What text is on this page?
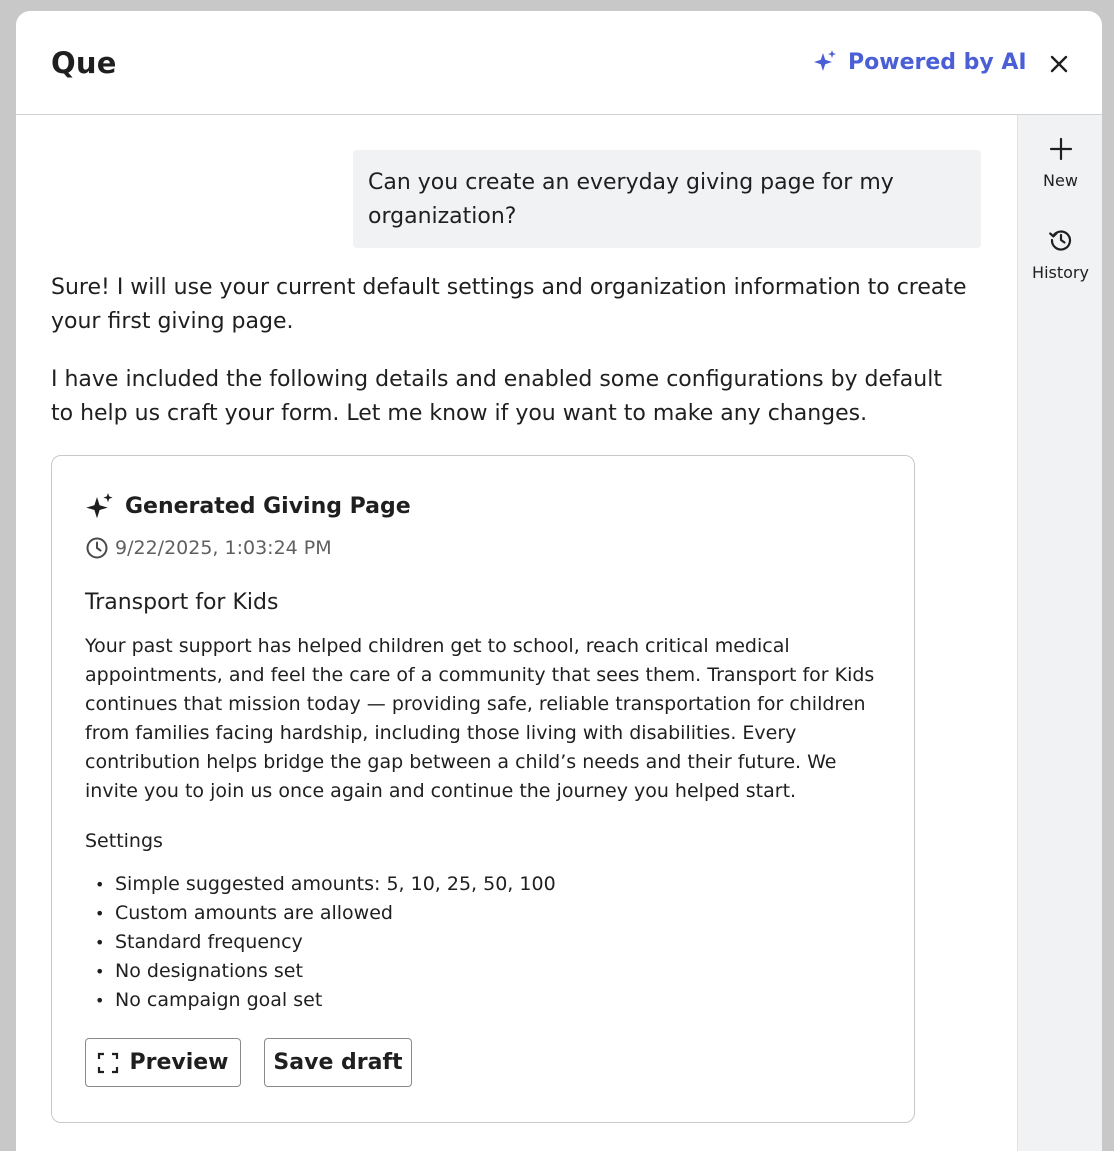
Que	Powered by AI
New
History
Can you create an everyday giving page for my organization?

Sure! I will use your current default settings and organization information to create your first giving page.

I have included the following details and enabled some configurations by default to help us craft your form. Let me know if you want to make any changes.

Generated Giving Page
9/22/2025, 1:03:24 PM
Transport for Kids

Your past support has helped children get to school, reach critical medical appointments, and feel the care of a community that sees them. Transport for Kids continues that mission today — providing safe, reliable transportation for children from families facing hardship, including those living with disabilities. Every contribution helps bridge the gap between a child’s needs and their future. We invite you to join us once again and continue the journey you helped start.

Settings
• Simple suggested amounts: 5, 10, 25, 50, 100
• Custom amounts are allowed
• Standard frequency
• No designations set
• No campaign goal set
Preview	Save draft
